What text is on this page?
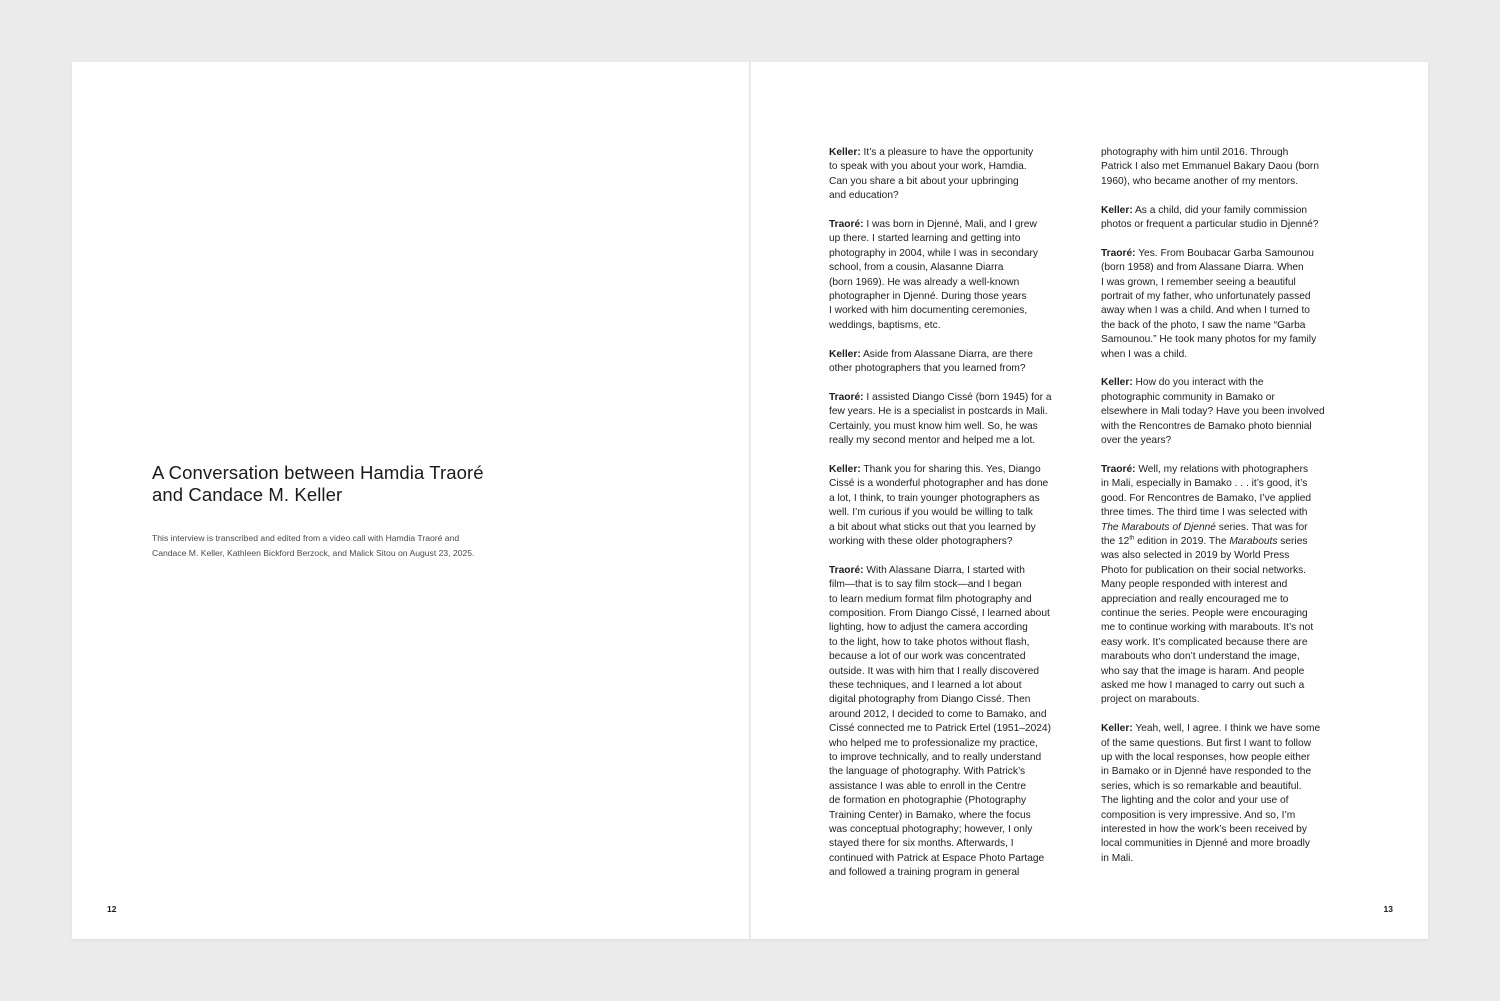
A Conversation between Hamdia Traoré
and Candace M. Keller

This interview is transcribed and edited from a video call with Hamdia Traoré and
Candace M. Keller, Kathleen Bickford Berzock, and Malick Sitou on August 23, 2025.

12

Keller: It’s a pleasure to have the opportunity
to speak with you about your work, Hamdia.
Can you share a bit about your upbringing
and education?

Traoré: I was born in Djenné, Mali, and I grew
up there. I started learning and getting into
photography in 2004, while I was in secondary
school, from a cousin, Alasanne Diarra
(born 1969). He was already a well-known
photographer in Djenné. During those years
I worked with him documenting ceremonies,
weddings, baptisms, etc.

Keller: Aside from Alassane Diarra, are there
other photographers that you learned from?

Traoré: I assisted Diango Cissé (born 1945) for a
few years. He is a specialist in postcards in Mali.
Certainly, you must know him well. So, he was
really my second mentor and helped me a lot.

Keller: Thank you for sharing this. Yes, Diango
Cissé is a wonderful photographer and has done
a lot, I think, to train younger photographers as
well. I’m curious if you would be willing to talk
a bit about what sticks out that you learned by
working with these older photographers?

Traoré: With Alassane Diarra, I started with
film—that is to say film stock—and I began
to learn medium format film photography and
composition. From Diango Cissé, I learned about
lighting, how to adjust the camera according
to the light, how to take photos without flash,
because a lot of our work was concentrated
outside. It was with him that I really discovered
these techniques, and I learned a lot about
digital photography from Diango Cissé. Then
around 2012, I decided to come to Bamako, and
Cissé connected me to Patrick Ertel (1951–2024)
who helped me to professionalize my practice,
to improve technically, and to really understand
the language of photography. With Patrick’s
assistance I was able to enroll in the Centre
de formation en photographie (Photography
Training Center) in Bamako, where the focus
was conceptual photography; however, I only
stayed there for six months. Afterwards, I
continued with Patrick at Espace Photo Partage
and followed a training program in general

photography with him until 2016. Through
Patrick I also met Emmanuel Bakary Daou (born
1960), who became another of my mentors.

Keller: As a child, did your family commission
photos or frequent a particular studio in Djenné?

Traoré: Yes. From Boubacar Garba Samounou
(born 1958) and from Alassane Diarra. When
I was grown, I remember seeing a beautiful
portrait of my father, who unfortunately passed
away when I was a child. And when I turned to
the back of the photo, I saw the name “Garba
Samounou.” He took many photos for my family
when I was a child.

Keller: How do you interact with the
photographic community in Bamako or
elsewhere in Mali today? Have you been involved
with the Rencontres de Bamako photo biennial
over the years?

Traoré: Well, my relations with photographers
in Mali, especially in Bamako . . . it’s good, it’s
good. For Rencontres de Bamako, I’ve applied
three times. The third time I was selected with
The Marabouts of Djenné series. That was for
the 12th edition in 2019. The Marabouts series
was also selected in 2019 by World Press
Photo for publication on their social networks.
Many people responded with interest and
appreciation and really encouraged me to
continue the series. People were encouraging
me to continue working with marabouts. It’s not
easy work. It’s complicated because there are
marabouts who don’t understand the image,
who say that the image is haram. And people
asked me how I managed to carry out such a
project on marabouts.

Keller: Yeah, well, I agree. I think we have some
of the same questions. But first I want to follow
up with the local responses, how people either
in Bamako or in Djenné have responded to the
series, which is so remarkable and beautiful.
The lighting and the color and your use of
composition is very impressive. And so, I’m
interested in how the work’s been received by
local communities in Djenné and more broadly
in Mali.

13
